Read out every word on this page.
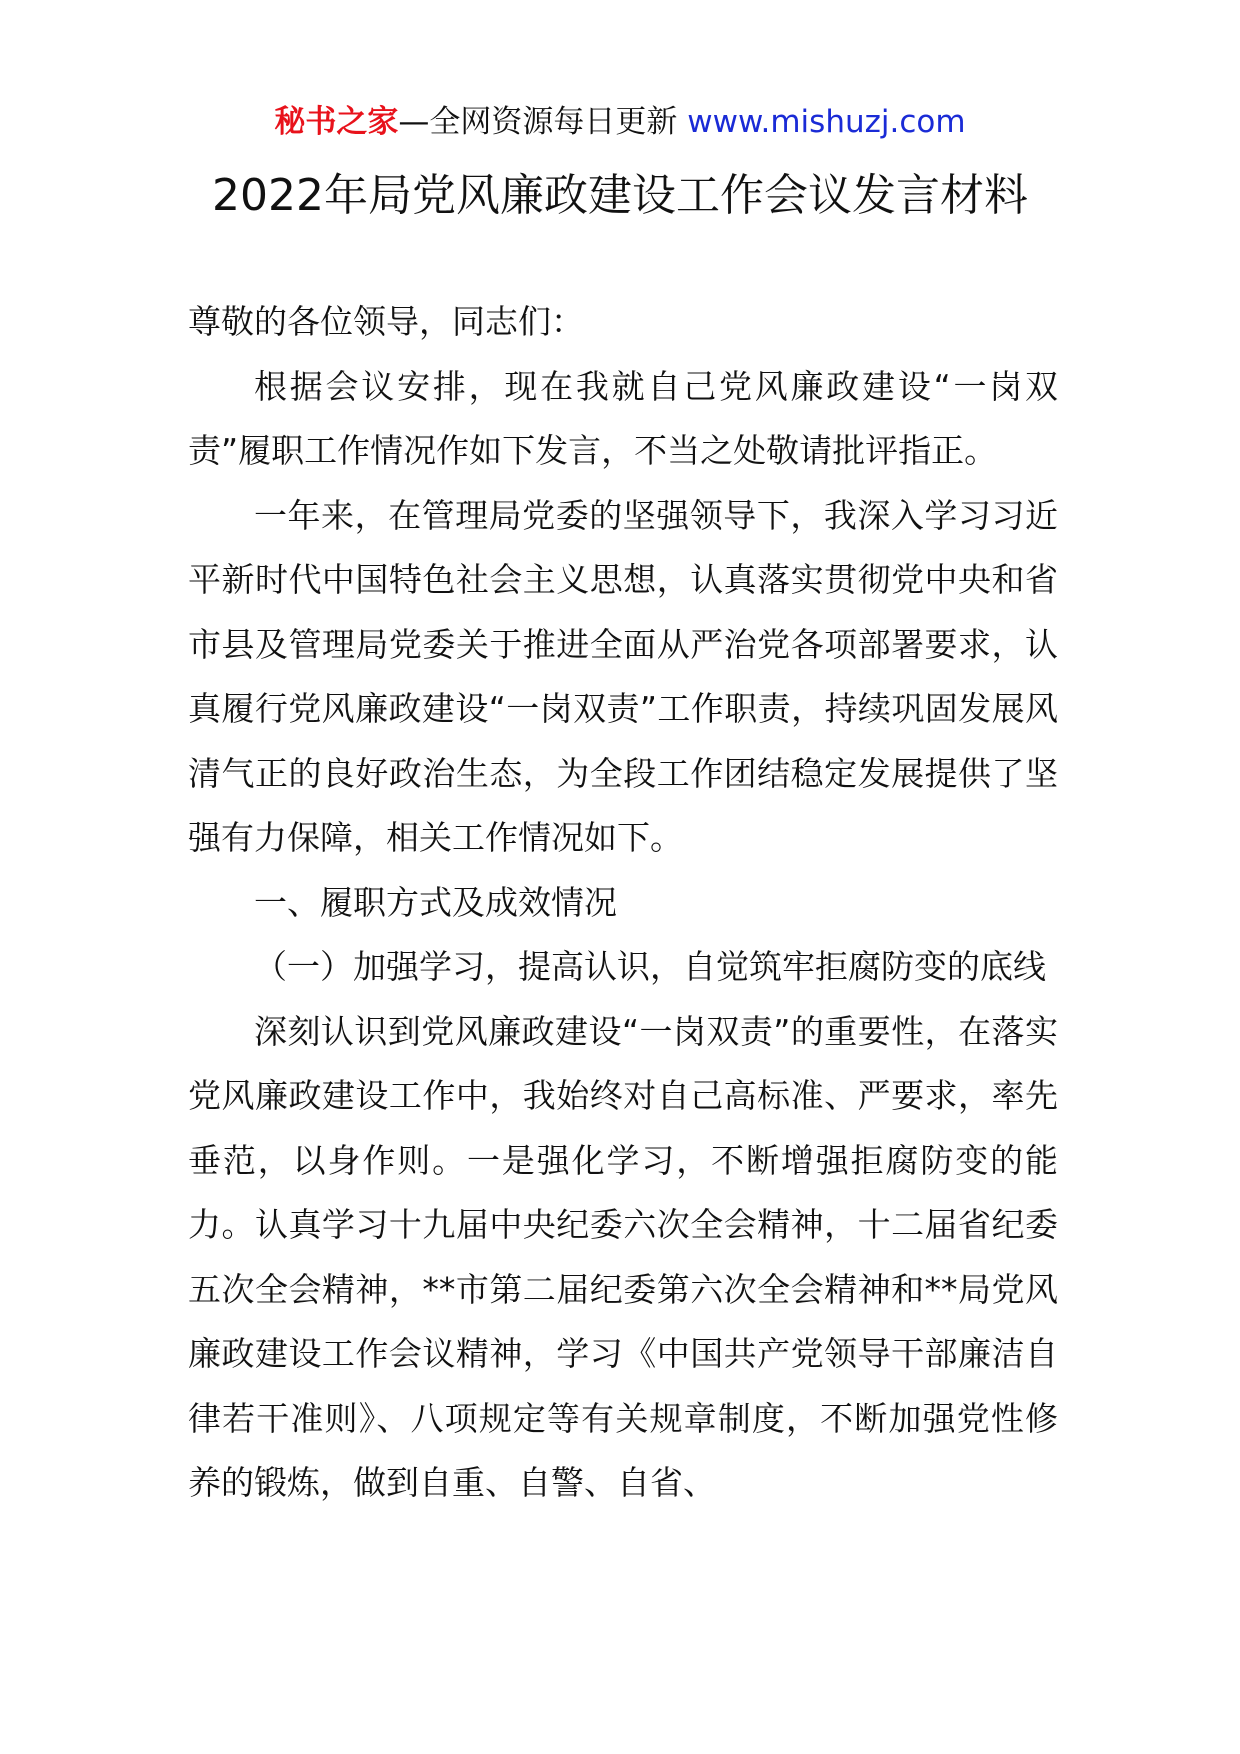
秘书之家—全网资源每日更新 www.mishuzj.com
2022年局党风廉政建设工作会议发言材料

尊敬的各位领导，同志们：

根据会议安排，现在我就自己党风廉政建设“一岗双责”履职工作情况作如下发言，不当之处敬请批评指正。

一年来，在管理局党委的坚强领导下，我深入学习习近平新时代中国特色社会主义思想，认真落实贯彻党中央和省市县及管理局党委关于推进全面从严治党各项部署要求，认真履行党风廉政建设“一岗双责”工作职责，持续巩固发展风清气正的良好政治生态，为全段工作团结稳定发展提供了坚强有力保障，相关工作情况如下。

一、履职方式及成效情况

（一）加强学习，提高认识，自觉筑牢拒腐防变的底线

深刻认识到党风廉政建设“一岗双责”的重要性，在落实党风廉政建设工作中，我始终对自己高标准、严要求，率先垂范，以身作则。一是强化学习，不断增强拒腐防变的能力。认真学习十九届中央纪委六次全会精神，十二届省纪委五次全会精神，**市第二届纪委第六次全会精神和**局党风廉政建设工作会议精神，学习《中国共产党领导干部廉洁自律若干准则》、八项规定等有关规章制度，不断加强党性修养的锻炼，做到自重、自警、自省、
